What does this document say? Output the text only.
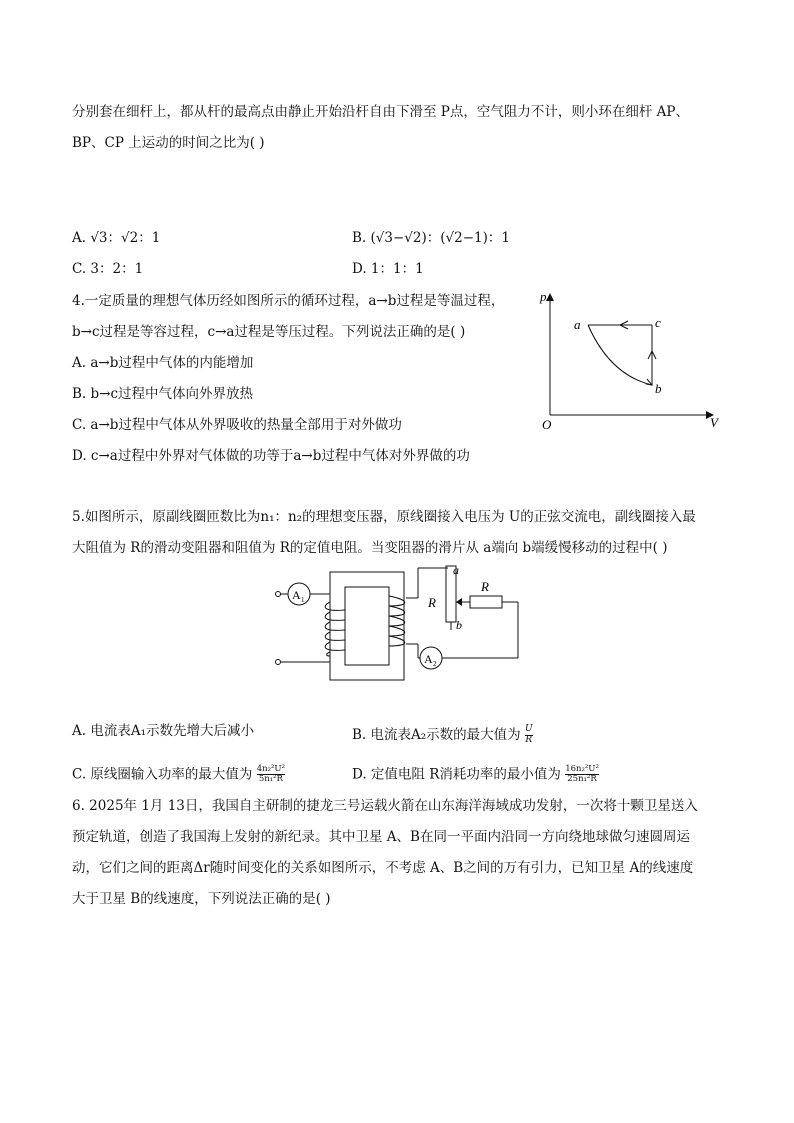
分别套在细杆上，都从杆的最高点由静止开始沿杆自由下滑至 P点，空气阻力不计，则小环在细杆 AP、
BP、CP 上运动的时间之比为( )
A. √3：√2：1	B. (√3−√2)：(√2−1)：1
C. 3：2：1	D. 1：1：1
4.一定质量的理想气体历经如图所示的循环过程，a→b过程是等温过程，
b→c过程是等容过程，c→a过程是等压过程。下列说法正确的是( )
A. a→b过程中气体的内能增加
B. b→c过程中气体向外界放热
C. a→b过程中气体从外界吸收的热量全部用于对外做功
D. c→a过程中外界对气体做的功等于a→b过程中气体对外界做的功
p
V
O
a
b
c
5.如图所示，原副线圈匝数比为n₁：n₂的理想变压器，原线圈接入电压为 U的正弦交流电，副线圈接入最
大阻值为 R的滑动变阻器和阻值为 R的定值电阻。当变阻器的滑片从 a端向 b端缓慢移动的过程中( )
A 1
A 2
R
a
b
R
A. 电流表A₁示数先增大后减小	B. 电流表A₂示数的最大值为 $\frac{U}{R}$
C. 原线圈输入功率的最大值为 $\frac{\text{4n₂²U²}}{\text{5n₁²R}}$	D. 定值电阻 R消耗功率的最小值为 $\frac{\text{16n₂²U²}}{\text{25n₁²R}}$
6. 2025年 1月 13日，我国自主研制的捷龙三号运载火箭在山东海洋海域成功发射，一次将十颗卫星送入
预定轨道，创造了我国海上发射的新纪录。其中卫星 A、B在同一平面内沿同一方向绕地球做匀速圆周运
动，它们之间的距离Δr随时间变化的关系如图所示，不考虑 A、B之间的万有引力，已知卫星 A的线速度
大于卫星 B的线速度，下列说法正确的是( )
